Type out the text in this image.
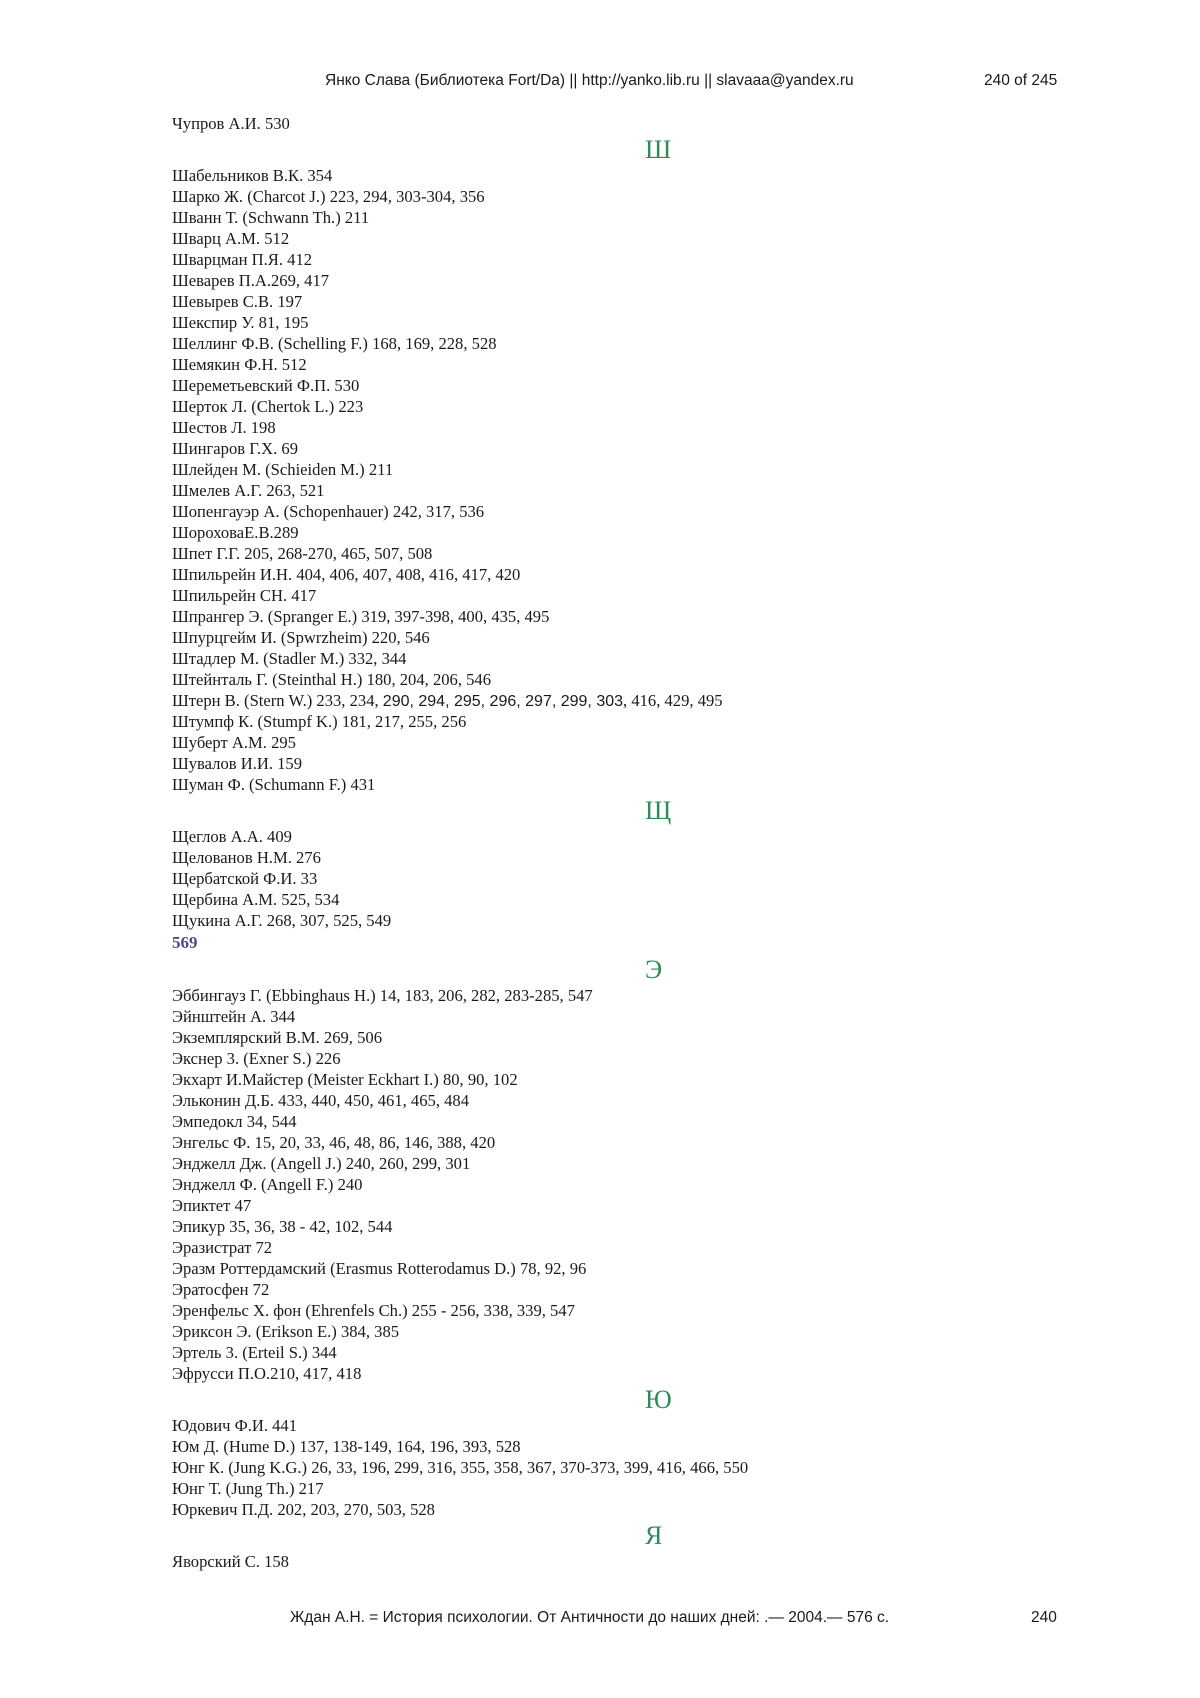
Янко Слава (Библиотека Fort/Da) || http://yanko.lib.ru || slavaaa@yandex.ru	240 of 245
Чупров А.И. 530
Ш
Шабельников В.К. 354
Шарко Ж. (Charcot J.) 223, 294, 303-304, 356
Шванн Т. (Schwann Th.) 211
Шварц А.М. 512
Шварцман П.Я. 412
Шеварев П.А.269, 417
Шевырев С.В. 197
Шекспир У. 81, 195
Шеллинг Ф.В. (Schelling F.) 168, 169, 228, 528
Шемякин Ф.Н. 512
Шереметьевский Ф.П. 530
Шерток Л. (Chertok L.) 223
Шестов Л. 198
Шингаров Г.Х. 69
Шлейден М. (Schieiden M.) 211
Шмелев А.Г. 263, 521
Шопенгауэр А. (Schopenhauer) 242, 317, 536
ШороховаЕ.В.289
Шпет Г.Г. 205, 268-270, 465, 507, 508
Шпильрейн И.Н. 404, 406, 407, 408, 416, 417, 420
Шпильрейн СН. 417
Шпрангер Э. (Spranger E.) 319, 397-398, 400, 435, 495
Шпурцгейм И. (Spwrzheim) 220, 546
Штадлер М. (Stadler M.) 332, 344
Штейнталь Г. (Steinthal H.) 180, 204, 206, 546
Штерн В. (Stern W.) 233, 234, 290, 294, 295, 296, 297, 299, 303, 416, 429, 495
Штумпф К. (Stumpf K.) 181, 217, 255, 256
Шуберт А.М. 295
Шувалов И.И. 159
Шуман Ф. (Schumann F.) 431
Щ
Щеглов А.А. 409
Щелованов Н.М. 276
Щербатской Ф.И. 33
Щербина А.М. 525, 534
Щукина А.Г. 268, 307, 525, 549
569
Э
Эббингауз Г. (Ebbinghaus H.) 14, 183, 206, 282, 283-285, 547
Эйнштейн А. 344
Экземплярский В.М. 269, 506
Экснер 3. (Exner S.) 226
Экхарт И.Майстер (Meister Eckhart I.) 80, 90, 102
Эльконин Д.Б. 433, 440, 450, 461, 465, 484
Эмпедокл 34, 544
Энгельс Ф. 15, 20, 33, 46, 48, 86, 146, 388, 420
Энджелл Дж. (Angell J.) 240, 260, 299, 301
Энджелл Ф. (Angell F.) 240
Эпиктет 47
Эпикур 35, 36, 38 - 42, 102, 544
Эразистрат 72
Эразм Роттердамский (Erasmus Rotterodamus D.) 78, 92, 96
Эратосфен 72
Эренфельс X. фон (Ehrenfels Ch.) 255 - 256, 338, 339, 547
Эриксон Э. (Erikson E.) 384, 385
Эртель 3. (Erteil S.) 344
Эфрусси П.О.210, 417, 418
Ю
Юдович Ф.И. 441
Юм Д. (Hume D.) 137, 138-149, 164, 196, 393, 528
Юнг К. (Jung K.G.) 26, 33, 196, 299, 316, 355, 358, 367, 370-373, 399, 416, 466, 550
Юнг Т. (Jung Th.) 217
Юркевич П.Д. 202, 203, 270, 503, 528
Я
Яворский С. 158
Ждан А.Н. = История психологии. От Античности до наших дней: .— 2004.— 576 с.	240
